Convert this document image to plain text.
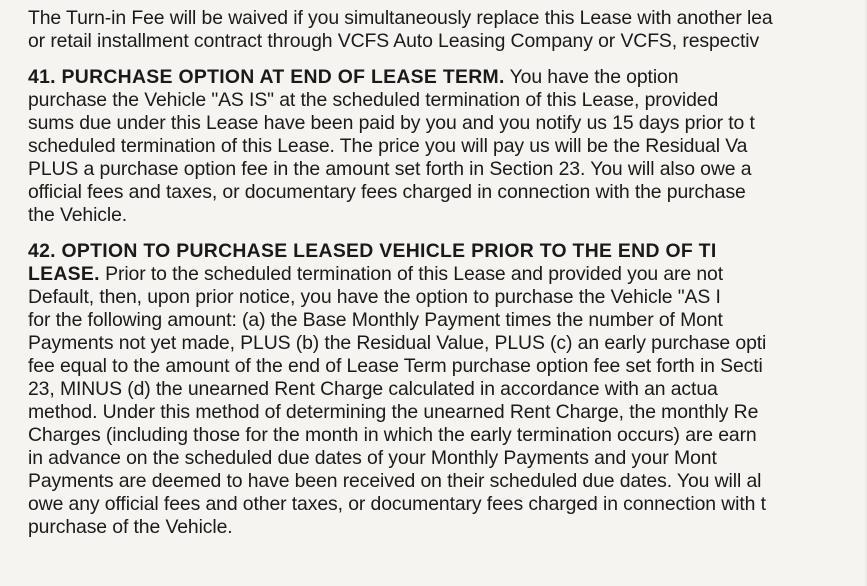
The Turn-in Fee will be waived if you simultaneously replace this Lease with another lea
or retail installment contract through VCFS Auto Leasing Company or VCFS, respectiv
41. PURCHASE OPTION AT END OF LEASE TERM. You have the option
purchase the Vehicle "AS IS" at the scheduled termination of this Lease, provided
sums due under this Lease have been paid by you and you notify us 15 days prior to t
scheduled termination of this Lease. The price you will pay us will be the Residual Va
PLUS a purchase option fee in the amount set forth in Section 23. You will also owe a
official fees and taxes, or documentary fees charged in connection with the purchase
the Vehicle.
42. OPTION TO PURCHASE LEASED VEHICLE PRIOR TO THE END OF TI
LEASE. Prior to the scheduled termination of this Lease and provided you are not
Default, then, upon prior notice, you have the option to purchase the Vehicle "AS I
for the following amount: (a) the Base Monthly Payment times the number of Mont
Payments not yet made, PLUS (b) the Residual Value, PLUS (c) an early purchase opti
fee equal to the amount of the end of Lease Term purchase option fee set forth in Secti
23, MINUS (d) the unearned Rent Charge calculated in accordance with an actua
method. Under this method of determining the unearned Rent Charge, the monthly Re
Charges (including those for the month in which the early termination occurs) are earn
in advance on the scheduled due dates of your Monthly Payments and your Mont
Payments are deemed to have been received on their scheduled due dates. You will al
owe any official fees and other taxes, or documentary fees charged in connection with t
purchase of the Vehicle.
